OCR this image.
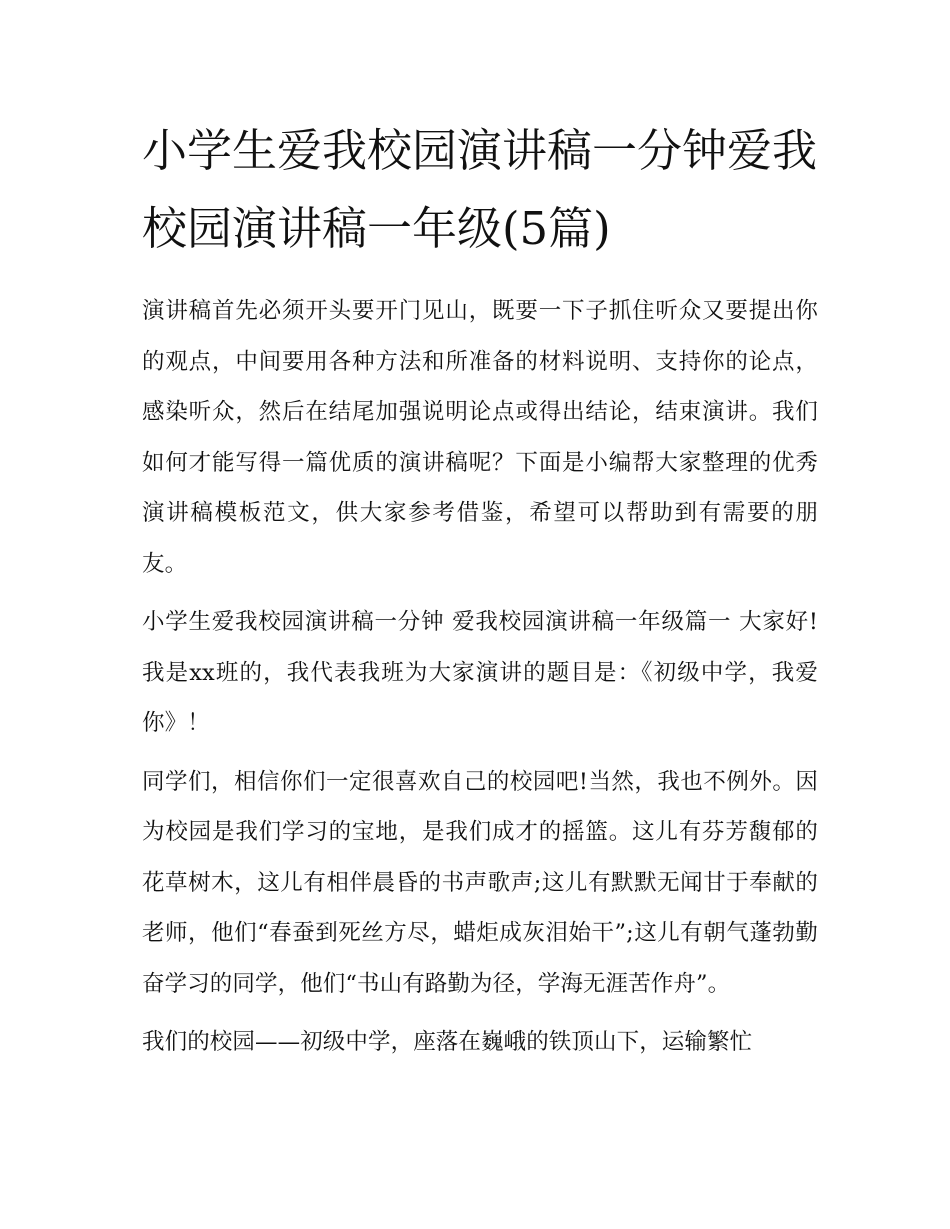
小学生爱我校园演讲稿一分钟爱我校园演讲稿一年级(5篇)

演讲稿首先必须开头要开门见山，既要一下子抓住听众又要提出你的观点，中间要用各种方法和所准备的材料说明、支持你的论点，感染听众，然后在结尾加强说明论点或得出结论，结束演讲。我们如何才能写得一篇优质的演讲稿呢？下面是小编帮大家整理的优秀演讲稿模板范文，供大家参考借鉴，希望可以帮助到有需要的朋友。

小学生爱我校园演讲稿一分钟 爱我校园演讲稿一年级篇一 大家好!我是xx班的，我代表我班为大家演讲的题目是：《初级中学，我爱你》！

同学们，相信你们一定很喜欢自己的校园吧!当然，我也不例外。因为校园是我们学习的宝地，是我们成才的摇篮。这儿有芬芳馥郁的花草树木，这儿有相伴晨昏的书声歌声;这儿有默默无闻甘于奉献的老师，他们“春蚕到死丝方尽，蜡炬成灰泪始干”;这儿有朝气蓬勃勤奋学习的同学，他们“书山有路勤为径，学海无涯苦作舟”。

我们的校园——初级中学，座落在巍峨的铁顶山下，运输繁忙
